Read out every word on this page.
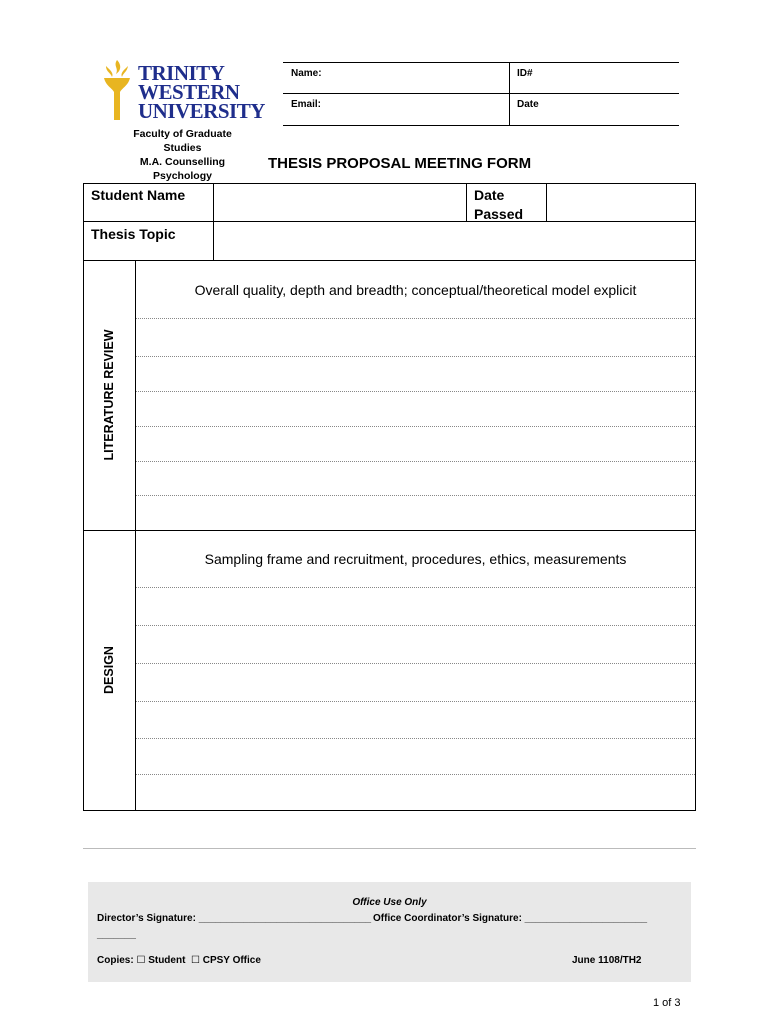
TRINITY
WESTERN
UNIVERSITY
Faculty of Graduate Studies
M.A. Counselling Psychology
Name:	ID#
Email:	Date
THESIS PROPOSAL MEETING FORM
Student Name	Date Passed
Thesis Topic
LITERATURE REVIEW
Overall quality, depth and breadth; conceptual/theoretical model explicit
DESIGN
Sampling frame and recruitment, procedures, ethics, measurements
Office Use Only
Director’s Signature: _______________________________ Office Coordinator’s Signature: ______________________
_______
Copies: ☐ Student ☐ CPSY Office	June 1108/TH2
1 of 3
